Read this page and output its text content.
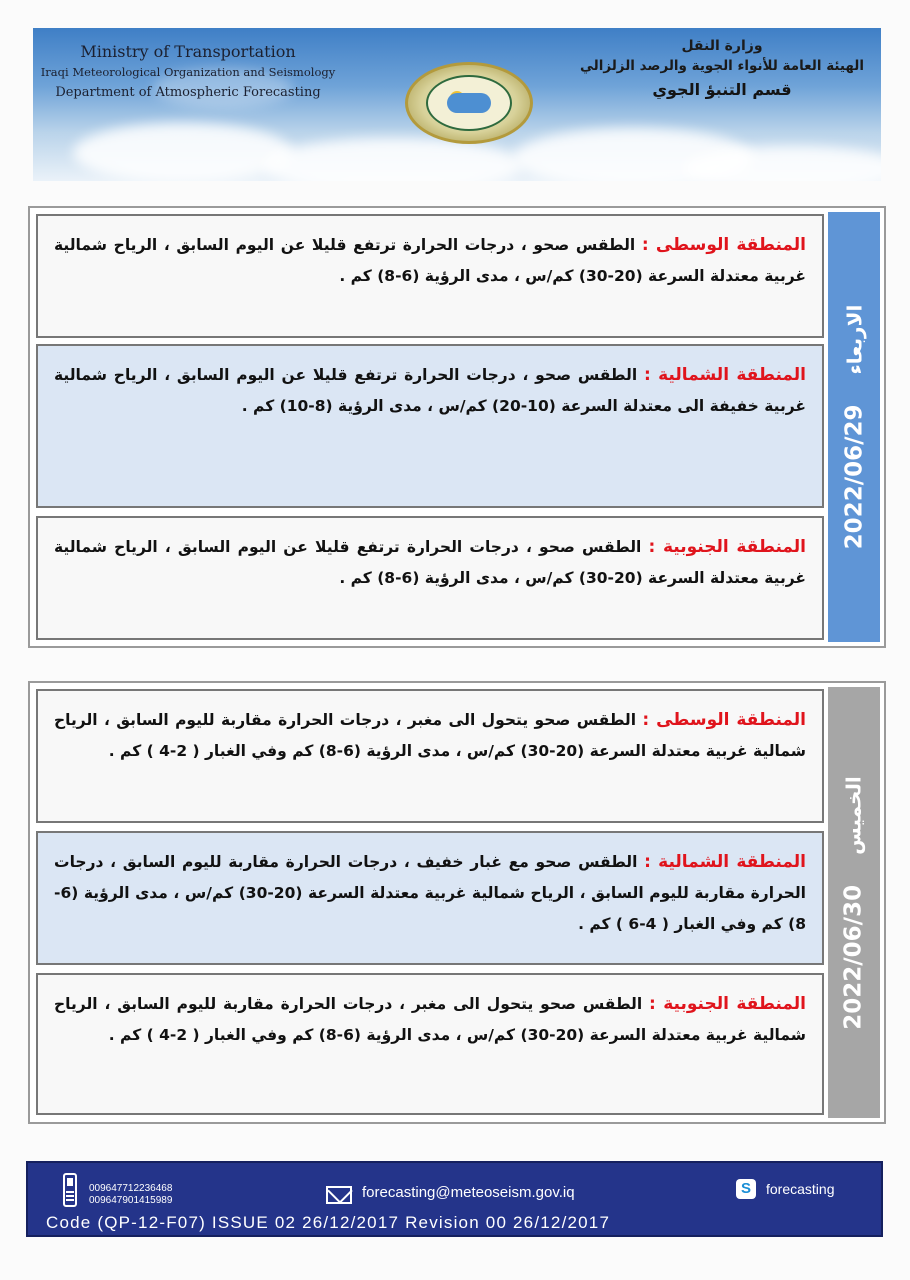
Ministry of Transportation
Iraqi Meteorological Organization and Seismology
Department of Atmospheric Forecasting
وزارة النقل
الهيئة العامة للأنواء الجوية والرصد الزلزالي
قسم التنبؤ الجوي
المنطقة الوسطى : الطقس صحو ، درجات الحرارة ترتفع قليلا عن اليوم السابق ، الرياح شمالية غربية معتدلة السرعة (20-30) كم/س ، مدى الرؤية (6-8) كم .
المنطقة الشمالية : الطقس صحو ، درجات الحرارة ترتفع قليلا عن اليوم السابق ، الرياح شمالية غربية خفيفة الى معتدلة السرعة (10-20) كم/س ، مدى الرؤية (8-10) كم .
المنطقة الجنوبية : الطقس صحو ، درجات الحرارة ترتفع قليلا عن اليوم السابق ، الرياح شمالية غربية معتدلة السرعة (20-30) كم/س ، مدى الرؤية (6-8) كم .
الاربعاء 2022/06/29
المنطقة الوسطى : الطقس صحو يتحول الى مغبر ، درجات الحرارة مقاربة لليوم السابق ، الرياح شمالية غربية معتدلة السرعة (20-30) كم/س ، مدى الرؤية (6-8) كم وفي الغبار ( 2-4 ) كم .
المنطقة الشمالية : الطقس صحو مع غبار خفيف ، درجات الحرارة مقاربة لليوم السابق ، درجات الحرارة مقاربة لليوم السابق ، الرياح شمالية غربية معتدلة السرعة (20-30) كم/س ، مدى الرؤية (6-8) كم وفي الغبار ( 4-6 ) كم .
المنطقة الجنوبية : الطقس صحو يتحول الى مغبر ، درجات الحرارة مقاربة لليوم السابق ، الرياح شمالية غربية معتدلة السرعة (20-30) كم/س ، مدى الرؤية (6-8) كم وفي الغبار ( 2-4 ) كم .
الخميس 2022/06/30
009647712236468
009647901415989	forecasting@meteoseism.gov.iq	S	forecasting
Code (QP-12-F07) ISSUE 02 26/12/2017 Revision 00 26/12/2017
